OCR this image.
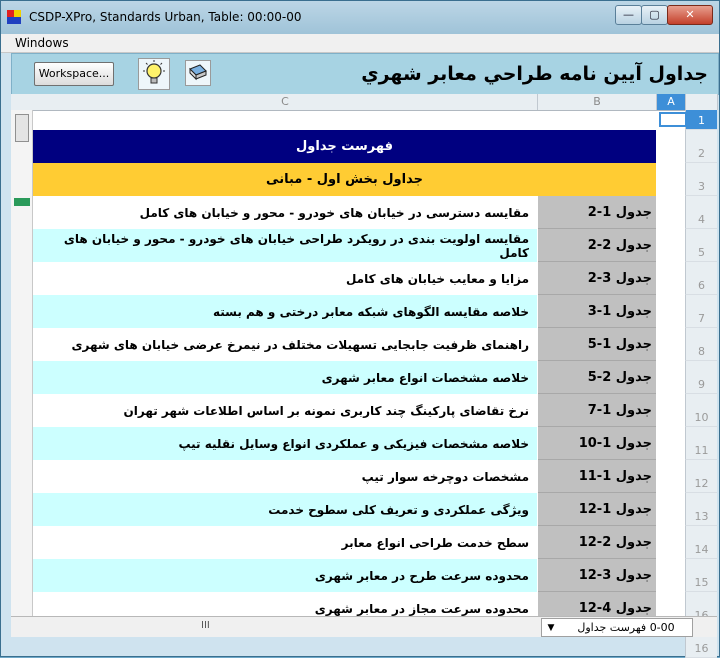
CSDP-XPro, Standards Urban, Table: 00:00-00	—	▢	✕
Windows
Workspace...	جداول آيين نامه طراحي معابر شهري
C	B	A
1
2
فهرست جداول
3
جداول بخش اول - مبانی
4
مقایسه دسترسی در خیابان های خودرو - محور و خیابان های کامل	جدول 1-2
5
مقایسه اولویت بندی در رویکرد طراحی خیابان های خودرو - محور و خیابان های کامل	جدول 2-2
6
مزایا و معایب خیابان های کامل	جدول 3-2
7
خلاصه مقایسه الگوهای شبکه معابر درختی و هم بسته	جدول 1-3
8
راهنمای ظرفیت جابجایی تسهیلات مختلف در نیمرخ عرضی خیابان های شهری	جدول 1-5
9
خلاصه مشخصات انواع معابر شهری	جدول 2-5
10
نرخ تقاضای پارکینگ چند کاربری نمونه بر اساس اطلاعات شهر تهران	جدول 1-7
11
خلاصه مشخصات فیزیکی و عملکردی انواع وسایل نقلیه تیپ	جدول 1-10
12
مشخصات دوچرخه سوار تیپ	جدول 1-11
13
ویژگی عملکردی و تعریف کلی سطوح خدمت	جدول 1-12
14
سطح خدمت طراحی انواع معابر	جدول 2-12
15
محدوده سرعت طرح در معابر شهری	جدول 3-12
محدوده سرعت مجاز در معابر شهری	جدول 4-12
16
III	▼	0-00 فهرست جداول
